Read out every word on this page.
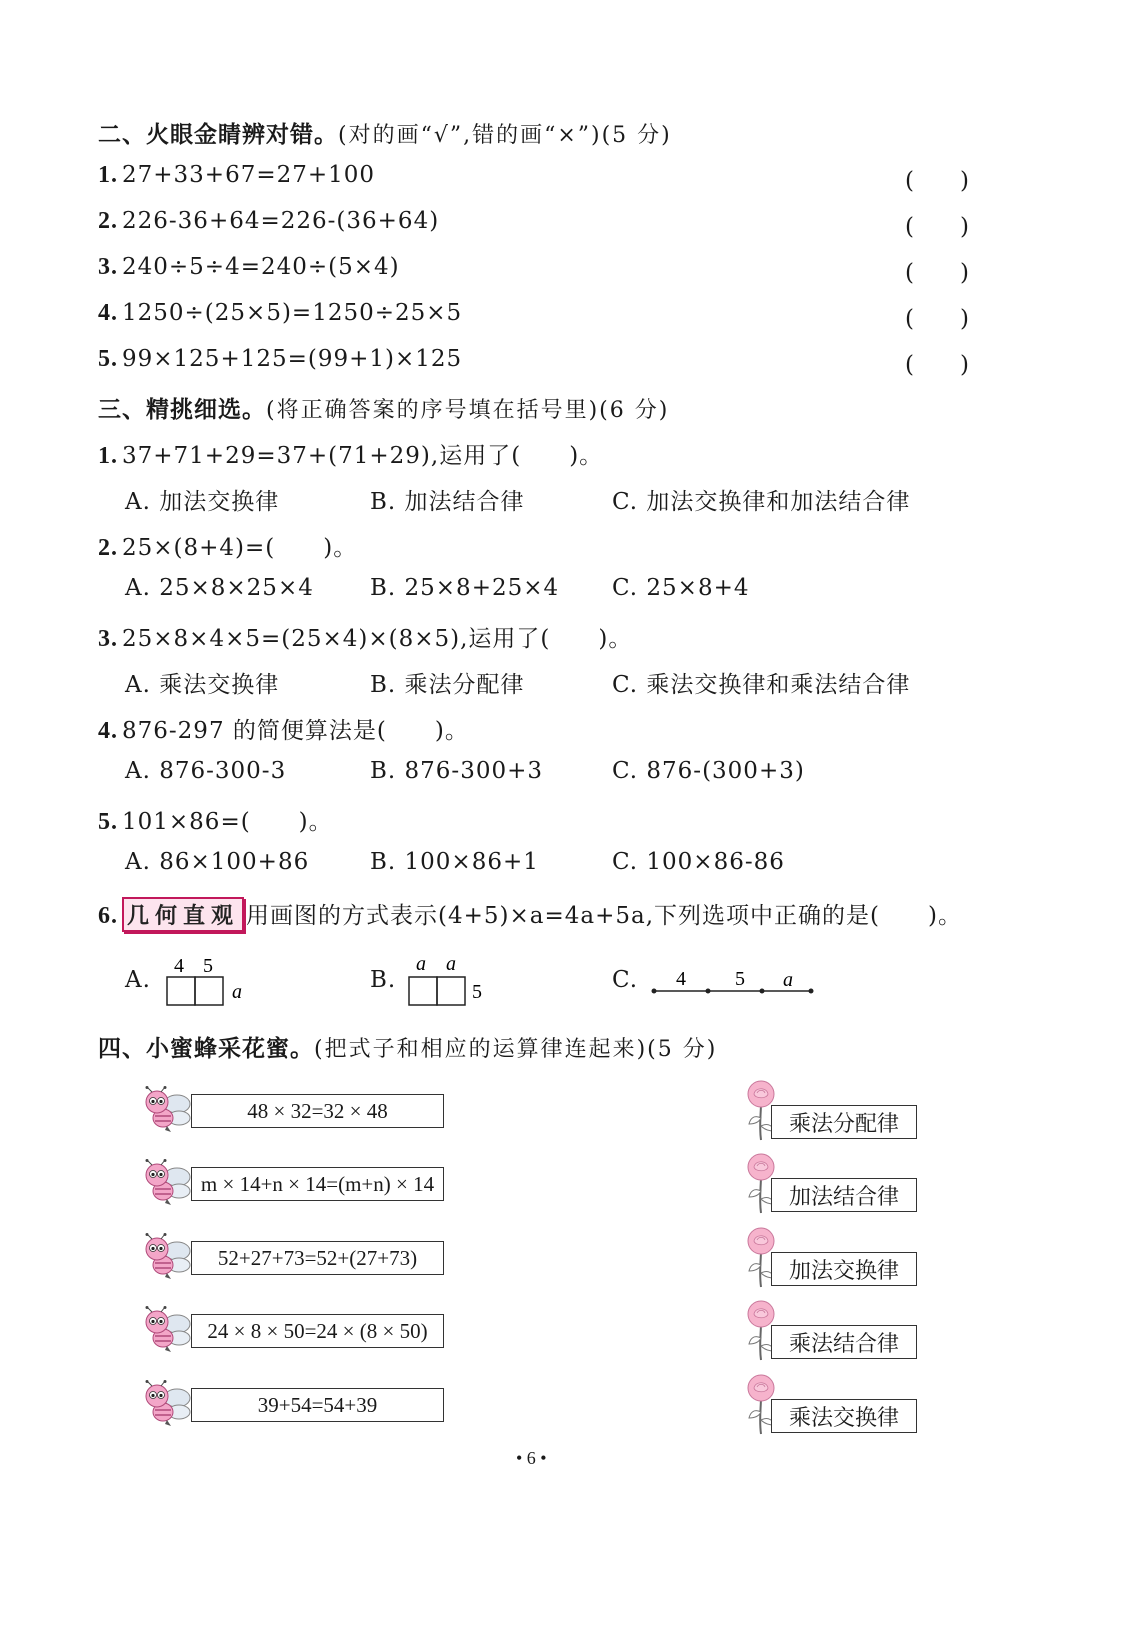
二、火眼金睛辨对错。(对的画“√”,错的画“×”)(5 分)
1. 27+33+67=27+100	(　　)
2. 226-36+64=226-(36+64)	(　　)
3. 240÷5÷4=240÷(5×4)	(　　)
4. 1250÷(25×5)=1250÷25×5	(　　)
5. 99×125+125=(99+1)×125	(　　)
三、精挑细选。(将正确答案的序号填在括号里)(6 分)
1. 37+71+29=37+(71+29),运用了(　　)。
A. 加法交换律	B. 加法结合律	C. 加法交换律和加法结合律
2. 25×(8+4)=(　　)。
A. 25×8×25×4 B. 25×8+25×4 C. 25×8+4
3. 25×8×4×5=(25×4)×(8×5),运用了(　　)。
A. 乘法交换律	B. 乘法分配律	C. 乘法交换律和乘法结合律
4. 876-297 的简便算法是(　　)。
A. 876-300-3	B. 876-300+3	C. 876-(300+3)
5. 101×86=(　　)。
A. 86×100+86	B. 100×86+1	C. 100×86-86
6. 几何直观 用画图的方式表示(4+5)×a=4a+5a,下列选项中正确的是(　　)。
A.
4 5
a	B.
a a
5	C. 4 5 a
四、小蜜蜂采花蜜。(把式子和相应的运算律连起来)(5 分)
48 × 32=32 × 48
m × 14+n × 14=(m+n) × 14
52+27+73=52+(27+73)
24 × 8 × 50=24 × (8 × 50)
39+54=54+39
乘法分配律
加法结合律
加法交换律
乘法结合律
乘法交换律
• 6 •
